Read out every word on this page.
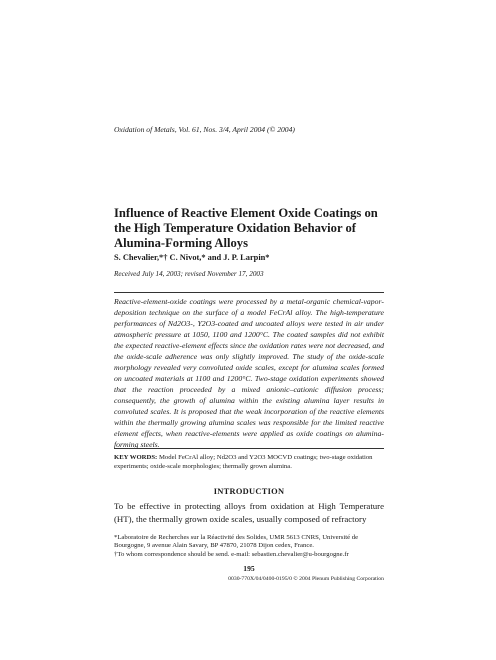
Oxidation of Metals, Vol. 61, Nos. 3/4, April 2004 (© 2004)
Influence of Reactive Element Oxide Coatings on the High Temperature Oxidation Behavior of Alumina-Forming Alloys
S. Chevalier,*† C. Nivot,* and J. P. Larpin*
Received July 14, 2003; revised November 17, 2003
Reactive-element-oxide coatings were processed by a metal-organic chemical-vapor-deposition technique on the surface of a model FeCrAl alloy. The high-temperature performances of Nd2O3-, Y2O3-coated and uncoated alloys were tested in air under atmospheric pressure at 1050, 1100 and 1200°C. The coated samples did not exhibit the expected reactive-element effects since the oxidation rates were not decreased, and the oxide-scale adherence was only slightly improved. The study of the oxide-scale morphology revealed very convoluted oxide scales, except for alumina scales formed on uncoated materials at 1100 and 1200°C. Two-stage oxidation experiments showed that the reaction proceeded by a mixed anionic–cationic diffusion process; consequently, the growth of alumina within the existing alumina layer results in convoluted scales. It is proposed that the weak incorporation of the reactive elements within the thermally growing alumina scales was responsible for the limited reactive element effects, when reactive-elements were applied as oxide coatings on alumina-forming steels.
KEY WORDS: Model FeCrAl alloy; Nd2O3 and Y2O3 MOCVD coatings; two-stage oxidation experiments; oxide-scale morphologies; thermally grown alumina.
INTRODUCTION
To be effective in protecting alloys from oxidation at High Temperature (HT), the thermally grown oxide scales, usually composed of refractory

*Laboratoire de Recherches sur la Réactivité des Solides, UMR 5613 CNRS, Université de Bourgogne, 9 avenue Alain Savary, BP 47870, 21078 Dijon cedex, France.

†To whom correspondence should be send. e-mail: sebastien.chevalier@u-bourgogne.fr

195
0030-770X/04/0400-0195/0 © 2004 Plenum Publishing Corporation
